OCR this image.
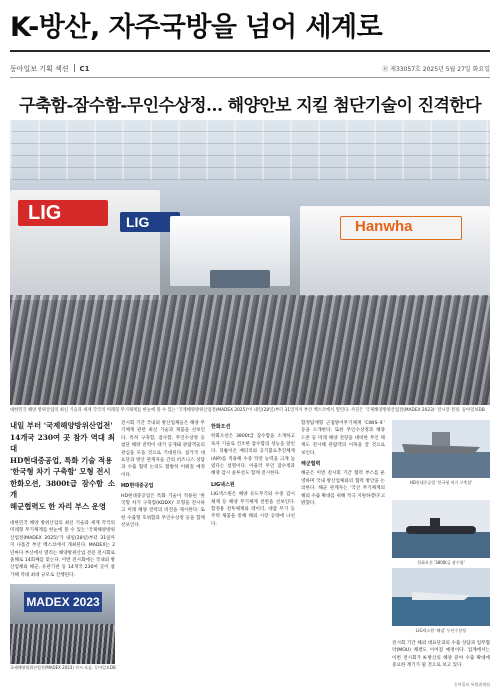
K-방산, 자주국방을 넘어 세계로
동아일보 기획 섹션 C1	Ⓡ 제33057호 2025년 5월 27일 화요일
구축함-잠수함-무인수상정… 해양안보 지킬 첨단기술이 진격한다
LIG	LIG	Hanwha
대한민국 해양 방위산업의 최신 기술과 세계 각국의 미래형 무기체계를 한눈에 볼 수 있는 '국제해양방위산업전(MADEX 2025)'이 내일(28일)부터 31일까지 부산 벡스코에서 열린다. 사진은 '국제해양방위산업전(MADEX 2023)' 전시장 전경. 동아일보DB
내일 부터 '국제해양방위산업전'
14개국 230여 곳 참가 역대 최대
HD현대중공업, 특화 기술 적용
'한국형 차기 구축함' 모형 전시
한화오션, 3800t급 잠수함 소개
해군협력도 한 자리 부스 운영

대한민국 해양 방위산업의 최신 기술과 세계 각국의 미래형 무기체계를 한눈에 볼 수 있는 '국제해양방위산업전(MADEX 2025)'가 내일(28일)부터 31일까지 나흘간 부산 벡스코에서 개최된다. MADEX는 2년마다 부산에서 열리는 해양방위산업 전문 전시회로 올해로 14회째를 맞는다. 이번 전시회에는 국내외 방산업체와 해군, 유관기관 등 14개국 230여 곳이 참가해 역대 최대 규모로 진행된다.

MADEX 2023
국제해양방위산업전(MADEX 2023) 전시 모습. 동아일보DB

전시회 기간 국내외 방산업체들은 해양 무기체계 관련 최신 기술과 제품을 선보인다. 특히 구축함, 잠수함, 무인수상정 등 첨단 해양 전력이 대거 공개돼 관람객들의 관심을 모을 것으로 기대된다. 참가국 대표단과 방산 관계자들 간의 비즈니스 상담과 수출 협력 논의도 활발히 이뤄질 예정이다.

HD현대중공업

HD현대중공업은 특화 기술이 적용된 '한국형 차기 구축함(KDDX)' 모형을 전시하고 미래 해양 전력의 비전을 제시한다. 또한 수출형 호위함과 무인수상정 등을 함께 선보인다.

한화오션

한화오션은 3800t급 잠수함을 소개하고 독자 기술로 건조한 잠수함의 성능을 알린다. 리튬이온 배터리와 공기불요추진체계(AIP)를 적용해 수중 작전 능력을 크게 높였다는 설명이다. 아울러 무인 잠수정과 해양 감시 솔루션도 함께 전시한다.

LIG넥스원

LIG넥스원은 해양 유도무기와 수중 감시체계 등 해양 무기체계 전반을 선보인다. 함정용 전투체계와 레이더, 대잠 무기 등 주력 제품을 통해 해외 시장 공략에 나선다.

함정탑재형 근접방어무기체계 'CIWS-Ⅱ' 등을 소개한다. 또한 무인수상정과 해양 드론 등 미래 해양 전장을 대비한 무인 체계도 전시해 관람객의 이목을 끌 것으로 보인다.

해군협력

해군은 이번 전시회 기간 협력 부스를 운영하며 국내 방산업체와의 협력 방안을 논의한다. 해군 관계자는 '국산 무기체계의 해외 수출 확대를 위해 적극 지원하겠다'고 밝혔다.

HD현대중공업 '한국형 차기 구축함'
한화오션 '3800t급 잠수함'
LIG넥스원 '해검' 무인수상정

전시회 기간 해외 대표단과의 수출 상담과 업무협약(MOU) 체결도 이어질 예정이다. 업계에서는 이번 전시회가 K-방산의 해양 분야 수출 확대에 중요한 계기가 될 것으로 보고 있다.

동아일보 특별취재팀
